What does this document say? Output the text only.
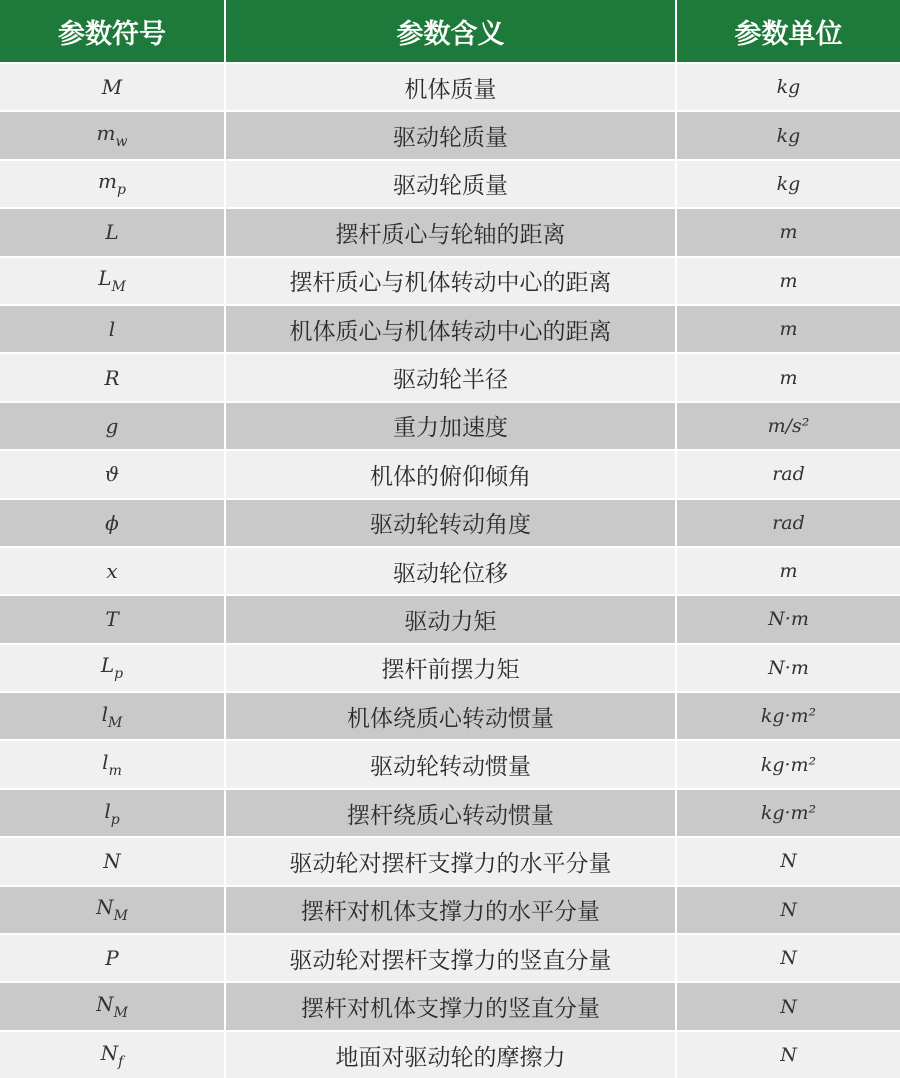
参数符号	参数含义	参数单位
M	机体质量	kg
$m_w$	驱动轮质量	kg
$m_p$	驱动轮质量	kg
L	摆杆质心与轮轴的距离	m
$L_M$	摆杆质心与机体转动中心的距离	m
l	机体质心与机体转动中心的距离	m
R	驱动轮半径	m
g	重力加速度	m/s²
ϑ	机体的俯仰倾角	rad
ϕ	驱动轮转动角度	rad
x	驱动轮位移	m
T	驱动力矩	N·m
$L_p$	摆杆前摆力矩	N·m
$l_M$	机体绕质心转动惯量	kg·m²
$l_m$	驱动轮转动惯量	kg·m²
$l_p$	摆杆绕质心转动惯量	kg·m²
N	驱动轮对摆杆支撑力的水平分量	N
$N_M$	摆杆对机体支撑力的水平分量	N
P	驱动轮对摆杆支撑力的竖直分量	N
$N_M$	摆杆对机体支撑力的竖直分量	N
$N_f$	地面对驱动轮的摩擦力	N
